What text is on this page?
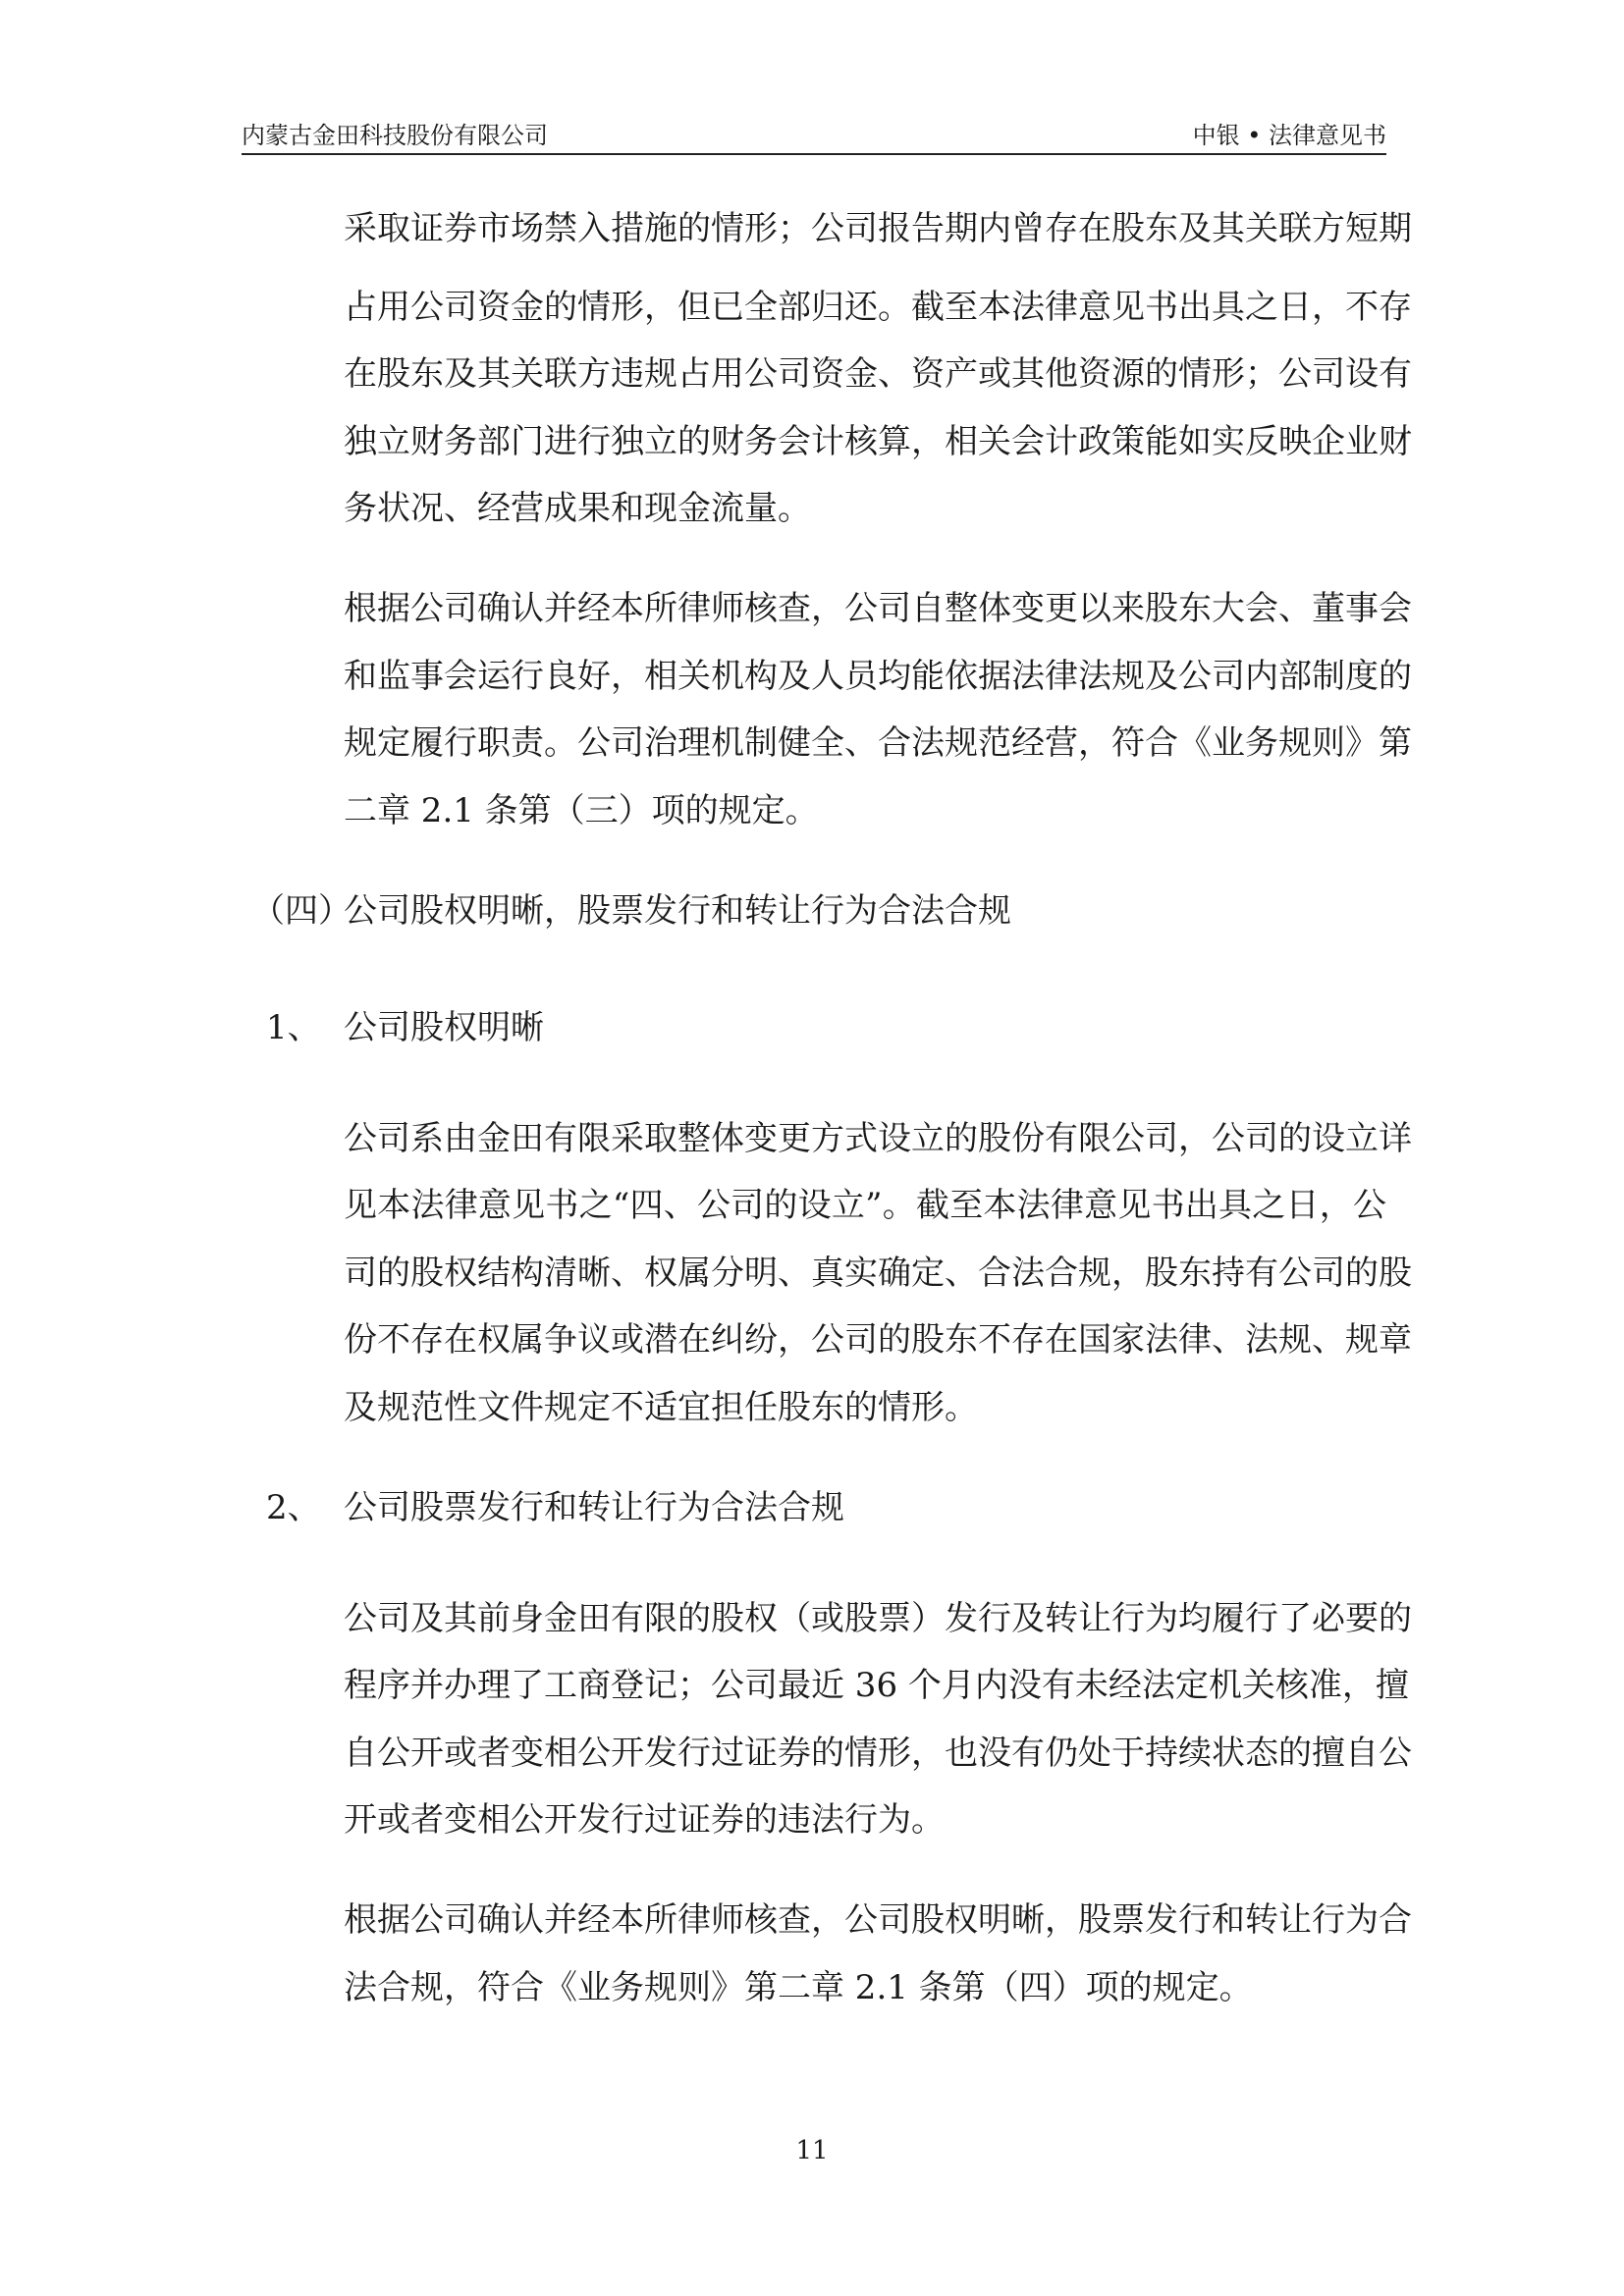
内蒙古金田科技股份有限公司	中银 • 法律意见书
采取证券市场禁入措施的情形；公司报告期内曾存在股东及其关联方短期
占用公司资金的情形，但已全部归还。截至本法律意见书出具之日，不存
在股东及其关联方违规占用公司资金、资产或其他资源的情形；公司设有
独立财务部门进行独立的财务会计核算，相关会计政策能如实反映企业财
务状况、经营成果和现金流量。
根据公司确认并经本所律师核查，公司自整体变更以来股东大会、董事会
和监事会运行良好，相关机构及人员均能依据法律法规及公司内部制度的
规定履行职责。公司治理机制健全、合法规范经营，符合《业务规则》第
二章 2.1 条第（三）项的规定。
（四）
公司股权明晰，股票发行和转让行为合法合规
1、 公司股权明晰
公司系由金田有限采取整体变更方式设立的股份有限公司，公司的设立详
见本法律意见书之“四、公司的设立”。截至本法律意见书出具之日，公
司的股权结构清晰、权属分明、真实确定、合法合规，股东持有公司的股
份不存在权属争议或潜在纠纷，公司的股东不存在国家法律、法规、规章
及规范性文件规定不适宜担任股东的情形。
2、 公司股票发行和转让行为合法合规
公司及其前身金田有限的股权（或股票）发行及转让行为均履行了必要的
程序并办理了工商登记；公司最近 36 个月内没有未经法定机关核准，擅
自公开或者变相公开发行过证券的情形，也没有仍处于持续状态的擅自公
开或者变相公开发行过证券的违法行为。
根据公司确认并经本所律师核查，公司股权明晰，股票发行和转让行为合
法合规，符合《业务规则》第二章 2.1 条第（四）项的规定。
11
